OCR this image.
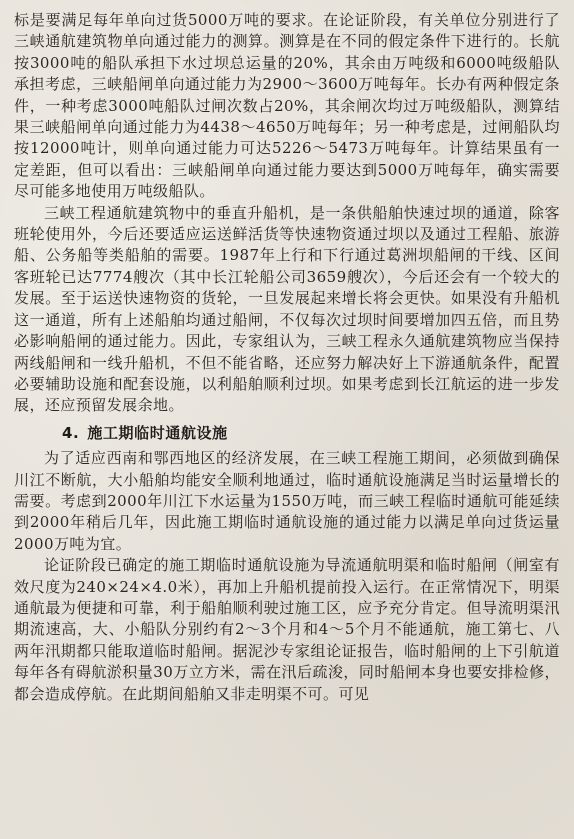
标是要满足每年单向过货5000万吨的要求。在论证阶段，有关单位分别进行了三峡通航建筑物单向通过能力的测算。测算是在不同的假定条件下进行的。长航按3000吨的船队承担下水过坝总运量的20%，其余由万吨级和6000吨级船队承担考虑，三峡船闸单向通过能力为2900～3600万吨每年。长办有两种假定条件，一种考虑3000吨船队过闸次数占20%，其余闸次均过万吨级船队，测算结果三峡船闸单向通过能力为4438～4650万吨每年；另一种考虑是，过闸船队均按12000吨计，则单向通过能力可达5226～5473万吨每年。计算结果虽有一定差距，但可以看出：三峡船闸单向通过能力要达到5000万吨每年，确实需要尽可能多地使用万吨级船队。

三峡工程通航建筑物中的垂直升船机，是一条供船舶快速过坝的通道，除客班轮使用外，今后还要适应运送鲜活货等快速物资通过坝以及通过工程船、旅游船、公务船等类船舶的需要。1987年上行和下行通过葛洲坝船闸的干线、区间客班轮已达7774艘次（其中长江轮船公司3659艘次），今后还会有一个较大的发展。至于运送快速物资的货轮，一旦发展起来增长将会更快。如果没有升船机这一通道，所有上述船舶均通过船闸，不仅每次过坝时间要增加四五倍，而且势必影响船闸的通过能力。因此，专家组认为，三峡工程永久通航建筑物应当保持两线船闸和一线升船机，不但不能省略，还应努力解决好上下游通航条件，配置必要辅助设施和配套设施，以利船舶顺利过坝。如果考虑到长江航运的进一步发展，还应预留发展余地。

4. 施工期临时通航设施

为了适应西南和鄂西地区的经济发展，在三峡工程施工期间，必须做到确保川江不断航，大小船舶均能安全顺利地通过，临时通航设施满足当时运量增长的需要。考虑到2000年川江下水运量为1550万吨，而三峡工程临时通航可能延续到2000年稍后几年，因此施工期临时通航设施的通过能力以满足单向过货运量2000万吨为宜。

论证阶段已确定的施工期临时通航设施为导流通航明渠和临时船闸（闸室有效尺度为240×24×4.0米），再加上升船机提前投入运行。在正常情况下，明渠通航最为便捷和可靠，利于船舶顺利驶过施工区，应予充分肯定。但导流明渠汛期流速高，大、小船队分别约有2～3个月和4～5个月不能通航，施工第七、八两年汛期都只能取道临时船闸。据泥沙专家组论证报告，临时船闸的上下引航道每年各有碍航淤积量30万立方米，需在汛后疏浚，同时船闸本身也要安排检修，都会造成停航。在此期间船舶又非走明渠不可。可见
